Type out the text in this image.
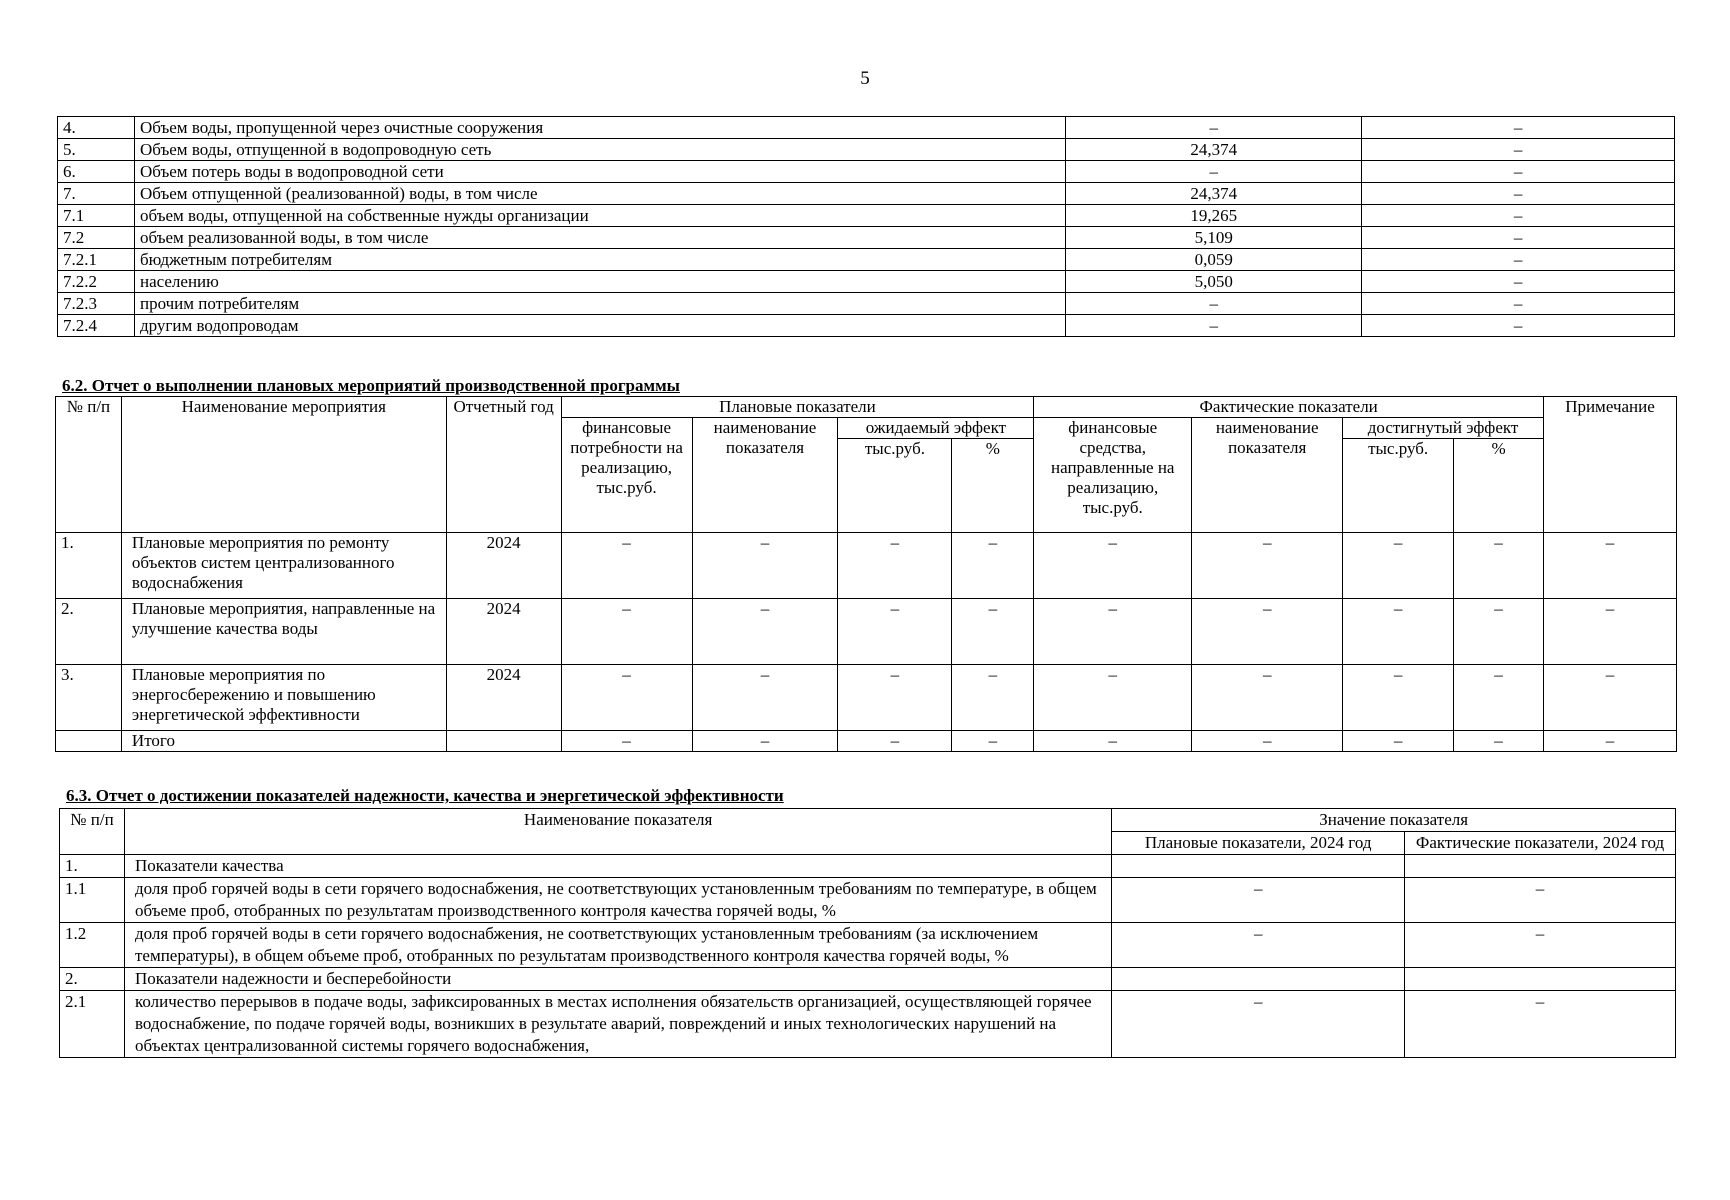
5
4.	Объем воды, пропущенной через очистные сооружения	–	–
5.	Объем воды, отпущенной в водопроводную сеть	24,374	–
6.	Объем потерь воды в водопроводной сети	–	–
7.	Объем отпущенной (реализованной) воды, в том числе	24,374	–
7.1	объем воды, отпущенной на собственные нужды организации	19,265	–
7.2	объем реализованной воды, в том числе	5,109	–
7.2.1	бюджетным потребителям	0,059	–
7.2.2	населению	5,050	–
7.2.3	прочим потребителям	–	–
7.2.4	другим водопроводам	–	–
6.2. Отчет о выполнении плановых мероприятий производственной программы
№ п/п	Наименование мероприятия	Отчетный год	Плановые показатели				Фактические показатели				Примечание
			финансовые потребности на реализацию, тыс.руб.	наименование показателя	ожидаемый эффект		финансовые средства, направленные на реализацию, тыс.руб.	наименование показателя	достигнутый эффект		
					тыс.руб.	%			тыс.руб.	%	
1.	Плановые мероприятия по ремонту объектов систем централизованного водоснабжения	2024	–	–	–	–	–	–	–	–	–
2.	Плановые мероприятия, направленные на улучшение качества воды	2024	–	–	–	–	–	–	–	–	–
3.	Плановые мероприятия по энергосбережению и повышению энергетической эффективности	2024	–	–	–	–	–	–	–	–	–
	Итого		–	–	–	–	–	–	–	–	–
6.3. Отчет о достижении показателей надежности, качества и энергетической эффективности
№ п/п	Наименование показателя	Значение показателя	
		Плановые показатели, 2024 год	Фактические показатели, 2024 год
1.	Показатели качества		
1.1	доля проб горячей воды в сети горячего водоснабжения, не соответствующих установленным требованиям по температуре, в общем объеме проб, отобранных по результатам производственного контроля качества горячей воды, %	–	–
1.2	доля проб горячей воды в сети горячего водоснабжения, не соответствующих установленным требованиям (за исключением температуры), в общем объеме проб, отобранных по результатам производственного контроля качества горячей воды, %	–	–
2.	Показатели надежности и бесперебойности		
2.1	количество перерывов в подаче воды, зафиксированных в местах исполнения обязательств организацией, осуществляющей горячее водоснабжение, по подаче горячей воды, возникших в результате аварий, повреждений и иных технологических нарушений на объектах централизованной системы горячего водоснабжения,	–	–
